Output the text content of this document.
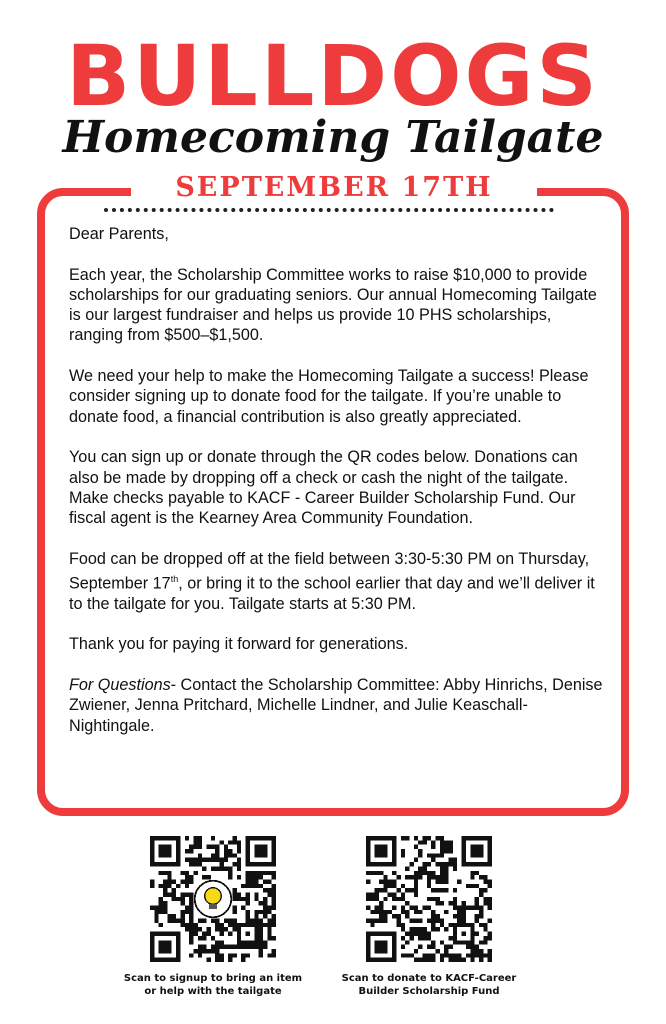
BULLDOGS
Homecoming Tailgate
SEPTEMBER 17TH

Dear Parents,

Each year, the Scholarship Committee works to raise $10,000 to provide scholarships for our graduating seniors. Our annual Homecoming Tailgate is our largest fundraiser and helps us provide 10 PHS scholarships, ranging from $500–$1,500.

We need your help to make the Homecoming Tailgate a success! Please consider signing up to donate food for the tailgate. If you’re unable to donate food, a financial contribution is also greatly appreciated.

You can sign up or donate through the QR codes below. Donations can also be made by dropping off a check or cash the night of the tailgate. Make checks payable to KACF - Career Builder Scholarship Fund. Our fiscal agent is the Kearney Area Community Foundation.

Food can be dropped off at the field between 3:30-5:30 PM on Thursday, September 17th, or bring it to the school earlier that day and we’ll deliver it to the tailgate for you. Tailgate starts at 5:30 PM.

Thank you for paying it forward for generations.

For Questions- Contact the Scholarship Committee: Abby Hinrichs, Denise Zwiener, Jenna Pritchard, Michelle Lindner, and Julie Keaschall-Nightingale.

Scan to signup to bring an item
or help with the tailgate
Scan to donate to KACF-Career
Builder Scholarship Fund
